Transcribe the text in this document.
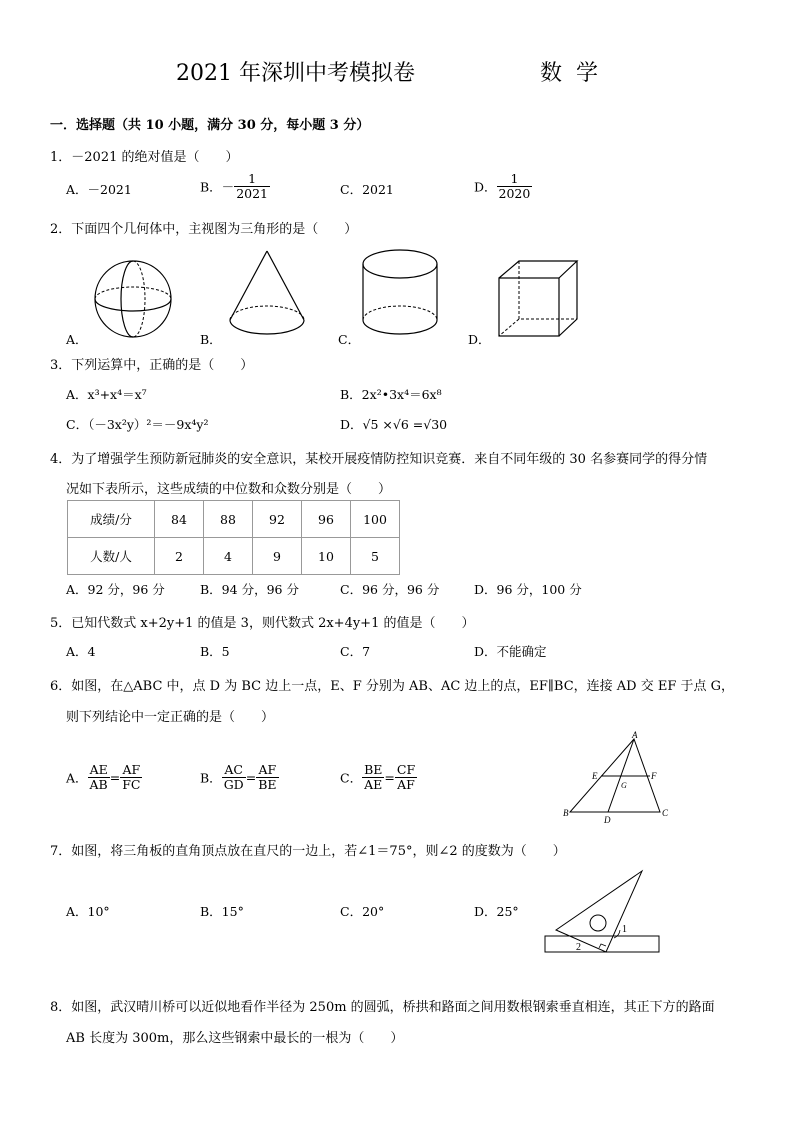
2021 年深圳中考模拟卷	数  学
一．选择题（共 10 小题，满分 30 分，每小题 3 分）
1．－2021 的绝对值是（　　）
A．－2021	B．－ $\frac{1}{2021}$	C．2021	D． $\frac{1}{2020}$
2．下面四个几何体中，主视图为三角形的是（　　）
A．	B．	C．	D．
3．下列运算中，正确的是（　　）
A．x³+x⁴＝x⁷	B．2x²•3x⁴＝6x⁸
C．（－3x²y）²＝－9x⁴y²	D．√5 ×√6 =√30
4．为了增强学生预防新冠肺炎的安全意识，某校开展疫情防控知识竞赛．来自不同年级的 30 名参赛同学的得分情
况如下表所示，这些成绩的中位数和众数分别是（　　）
成绩/分	84	88	92	96	100
人数/人	2	4	9	10	5
A．92 分，96 分	B．94 分，96 分	C．96 分，96 分	D．96 分，100 分
5．已知代数式 x+2y+1 的值是 3，则代数式 2x+4y+1 的值是（　　）
A．4	B．5	C．7	D．不能确定
6．如图，在△ABC 中，点 D 为 BC 边上一点，E、F 分别为 AB、AC 边上的点，EF∥BC，连接 AD 交 EF 于点 G，
则下列结论中一定正确的是（　　）
A． $\frac{AE}{AB} = \frac{AF}{FC}$	B． $\frac{AC}{GD} = \frac{AF}{BE}$	C． $\frac{BE}{AE} = \frac{CF}{AF}$
A
E	F
G
B
D
C
7．如图，将三角板的直角顶点放在直尺的一边上，若∠1＝75°，则∠2 的度数为（　　）
A．10°	B．15°	C．20°	D．25°
1
2
8．如图，武汉晴川桥可以近似地看作半径为 250m 的圆弧，桥拱和路面之间用数根钢索垂直相连，其正下方的路面
AB 长度为 300m，那么这些钢索中最长的一根为（　　）
